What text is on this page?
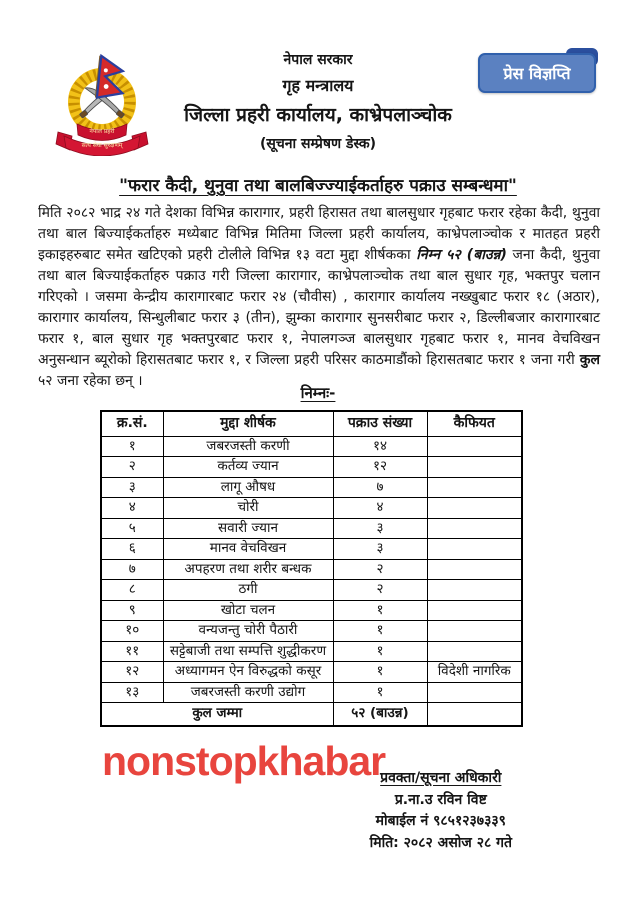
नेपाल प्रहरी
सत्य सेवा सुरक्षणम्
नेपाल सरकार
गृह मन्त्रालय
जिल्ला प्रहरी कार्यालय, काभ्रेपलाञ्चोक
(सूचना सम्प्रेषण डेस्क)
प्रेस विज्ञप्ति
"फरार कैदी, थुनुवा तथा बालबिज्ज्याईकर्ताहरु पक्राउ सम्बन्धमा"
मिति २०८२ भाद्र २४ गते देशका विभिन्न कारागार, प्रहरी हिरासत तथा बालसुधार गृहबाट फरार रहेका कैदी, थुनुवा तथा बाल बिज्याईकर्ताहरु मध्येबाट विभिन्न मितिमा जिल्ला प्रहरी कार्यालय, काभ्रेपलाञ्चोक र मातहत प्रहरी इकाइहरुबाट समेत खटिएको प्रहरी टोलीले विभिन्न १३ वटा मुद्दा शीर्षकका निम्न ५२ (बाउन्न) जना कैदी, थुनुवा तथा बाल बिज्याईकर्ताहरु पक्राउ गरी जिल्ला कारागार, काभ्रेपलाञ्चोक तथा बाल सुधार गृह, भक्तपुर चलान गरिएको । जसमा केन्द्रीय कारागारबाट फरार २४ (चौवीस) , कारागार कार्यालय नख्खुबाट फरार १८ (अठार), कारागार कार्यालय, सिन्धुलीबाट फरार ३ (तीन), झुम्का कारागार सुनसरीबाट फरार २, डिल्लीबजार कारागारबाट फरार १, बाल सुधार गृह भक्तपुरबाट फरार १, नेपालगञ्ज बालसुधार गृहबाट फरार १, मानव वेचविखन अनुसन्धान ब्यूरोको हिरासतबाट फरार १, र जिल्ला प्रहरी परिसर काठमाडौंको हिरासतबाट फरार १ जना गरी कुल ५२ जना रहेका छन् ।
निम्नः-
क्र.सं.	मुद्दा शीर्षक	पक्राउ संख्या	कैफियत
१	जबरजस्ती करणी	१४	
२	कर्तव्य ज्यान	१२	
३	लागू औषध	७	
४	चोरी	४	
५	सवारी ज्यान	३	
६	मानव वेचविखन	३	
७	अपहरण तथा शरीर बन्धक	२	
८	ठगी	२	
९	खोटा चलन	१	
१०	वन्यजन्तु चोरी पैठारी	१	
११	सट्टेबाजी तथा सम्पत्ति शुद्धीकरण	१	
१२	अध्यागमन ऐन विरुद्धको कसूर	१	विदेशी नागरिक
१३	जबरजस्ती करणी उद्योग	१	
कुल जम्मा		५२ (बाउन्न)	
nonstopkhabar
प्रवक्ता/सूचना अधिकारी
प्र.ना.उ रविन विष्ट
मोबाईल नं ९८५१२३७३३९
मिति: २०८२ असोज २८ गते
